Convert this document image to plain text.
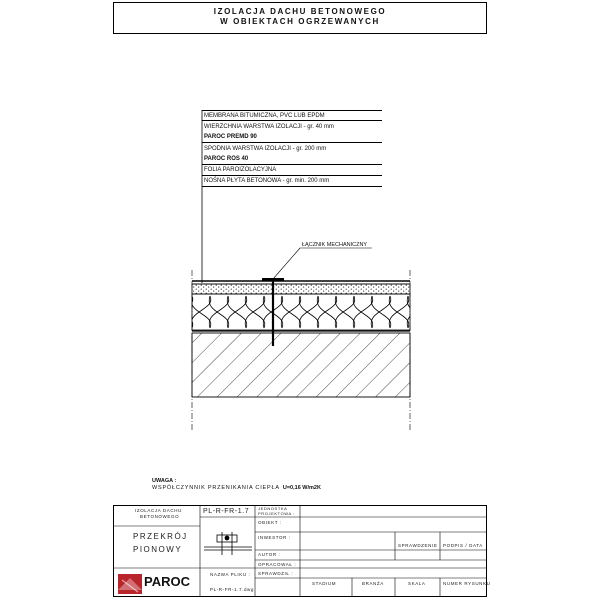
IZOLACJA DACHU BETONOWEGO
W OBIEKTACH OGRZEWANYCH
MEMBRANA BITUMICZNA, PVC LUB EPDM
WIERZCHNIA WARSTWA IZOLACJI - gr. 40 mm
PAROC PREMD 90
SPODNIA WARSTWA IZOLACJI - gr. 200 mm
PAROC ROS 40
FOLIA PAROIZOLACYJNA
NOŚNA PŁYTA BETONOWA - gr. min. 200 mm
ŁĄCZNIK MECHANICZNY
UWAGA :
WSPÓŁCZYNNIK PRZENIKANIA CIEPŁA U=0,16 W/m2K
IZOLACJA DACHU
BETONOWEGO
PL-R-FR-1.7
PRZEKRÓJ
PIONOWY
PAROC	NAZWA PLIKU :
PL-R-FR-1.7.dwg
JEDNOSTKA PROJEKTOWA :
OBIEKT :
INWESTOR :
AUTOR :
OPRACOWAŁ :
SPRAWDZIŁ :
SPRAWDZENIE PODPIS / DATA
STADIUM	BRANŻA	SKALA	NUMER RYSUNKU
